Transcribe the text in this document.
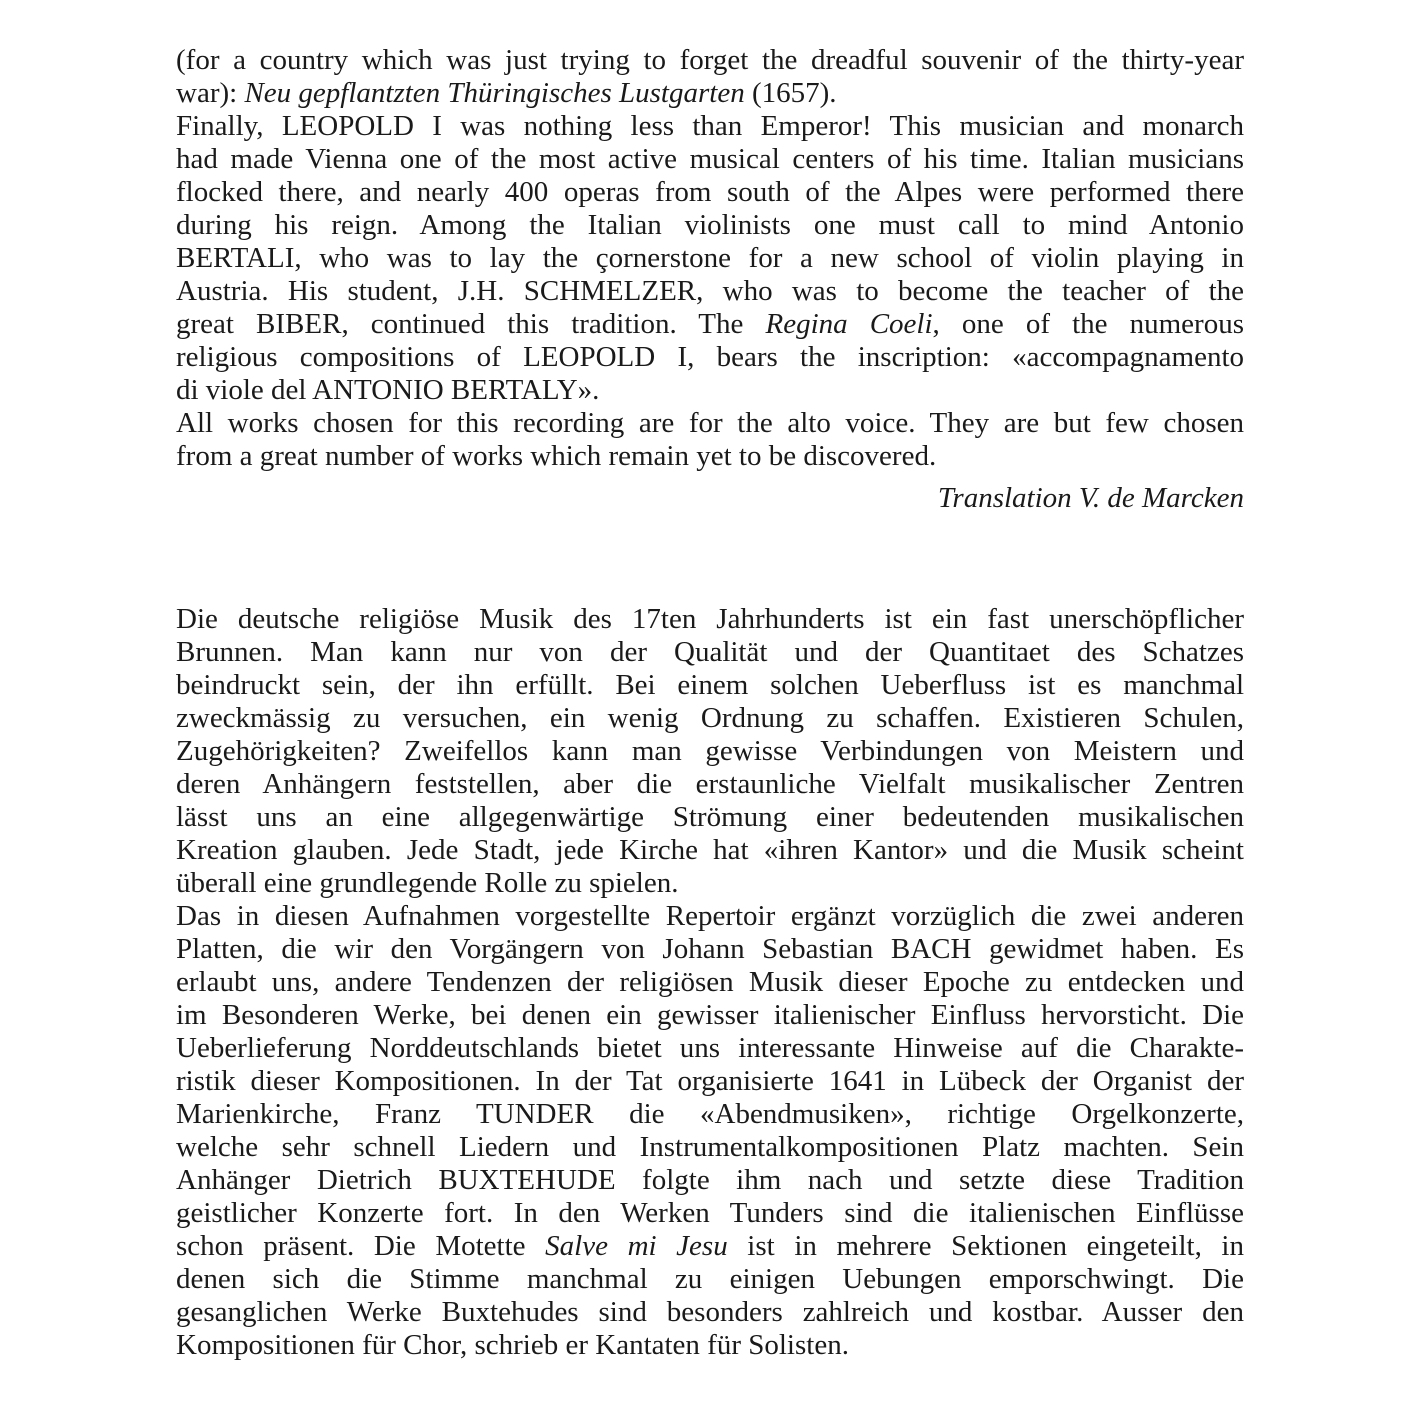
(for a country which was just trying to forget the dreadful souvenir of the thirty-year
war): Neu gepflantzten Thüringisches Lustgarten (1657).

Finally, LEOPOLD I was nothing less than Emperor! This musician and monarch
had made Vienna one of the most active musical centers of his time. Italian musicians
flocked there, and nearly 400 operas from south of the Alpes were performed there
during his reign. Among the Italian violinists one must call to mind Antonio
BERTALI, who was to lay the çornerstone for a new school of violin playing in
Austria. His student, J.H. SCHMELZER, who was to become the teacher of the
great BIBER, continued this tradition. The Regina Coeli, one of the numerous
religious compositions of LEOPOLD I, bears the inscription: «accompagnamento
di viole del ANTONIO BERTALY».

All works chosen for this recording are for the alto voice. They are but few chosen
from a great number of works which remain yet to be discovered.

Translation V. de Marcken

Die deutsche religiöse Musik des 17ten Jahrhunderts ist ein fast unerschöpflicher
Brunnen. Man kann nur von der Qualität und der Quantitaet des Schatzes
beindruckt sein, der ihn erfüllt. Bei einem solchen Ueberfluss ist es manchmal
zweckmässig zu versuchen, ein wenig Ordnung zu schaffen. Existieren Schulen,
Zugehörigkeiten? Zweifellos kann man gewisse Verbindungen von Meistern und
deren Anhängern feststellen, aber die erstaunliche Vielfalt musikalischer Zentren
lässt uns an eine allgegenwärtige Strömung einer bedeutenden musikalischen
Kreation glauben. Jede Stadt, jede Kirche hat «ihren Kantor» und die Musik scheint
überall eine grundlegende Rolle zu spielen.

Das in diesen Aufnahmen vorgestellte Repertoir ergänzt vorzüglich die zwei anderen
Platten, die wir den Vorgängern von Johann Sebastian BACH gewidmet haben. Es
erlaubt uns, andere Tendenzen der religiösen Musik dieser Epoche zu entdecken und
im Besonderen Werke, bei denen ein gewisser italienischer Einfluss hervorsticht. Die
Ueberlieferung Norddeutschlands bietet uns interessante Hinweise auf die Charakte-
ristik dieser Kompositionen. In der Tat organisierte 1641 in Lübeck der Organist der
Marienkirche, Franz TUNDER die «Abendmusiken», richtige Orgelkonzerte,
welche sehr schnell Liedern und Instrumentalkompositionen Platz machten. Sein
Anhänger Dietrich BUXTEHUDE folgte ihm nach und setzte diese Tradition
geistlicher Konzerte fort. In den Werken Tunders sind die italienischen Einflüsse
schon präsent. Die Motette Salve mi Jesu ist in mehrere Sektionen eingeteilt, in
denen sich die Stimme manchmal zu einigen Uebungen emporschwingt. Die
gesanglichen Werke Buxtehudes sind besonders zahlreich und kostbar. Ausser den
Kompositionen für Chor, schrieb er Kantaten für Solisten.
